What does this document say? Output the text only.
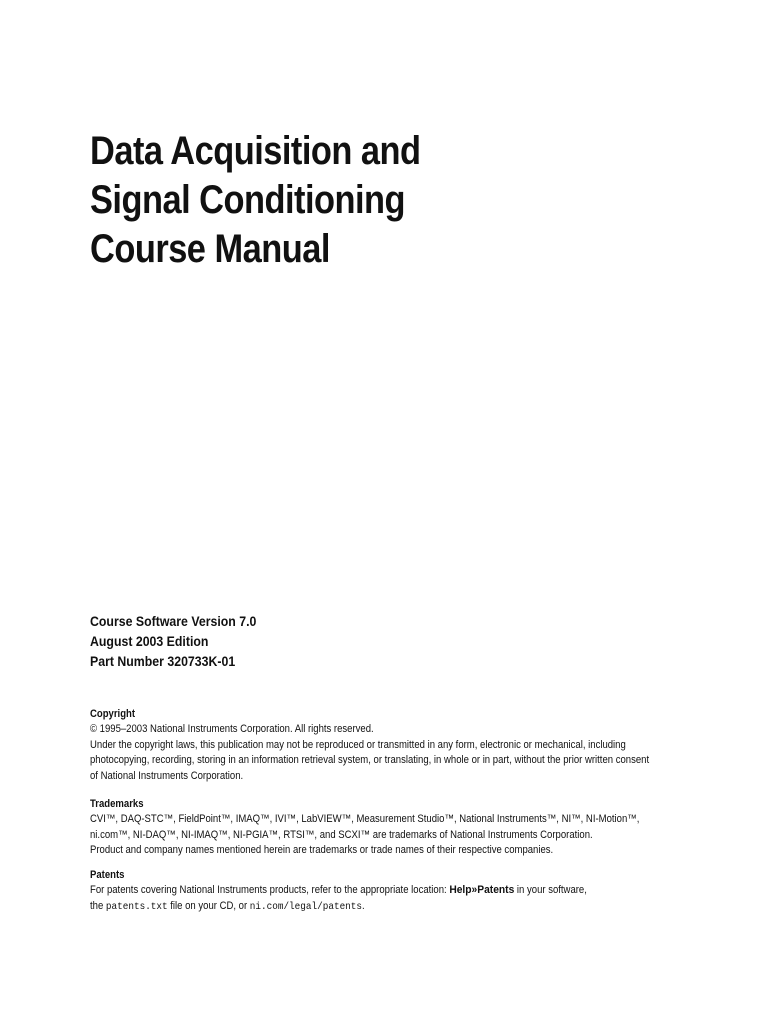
Data Acquisition and
Signal Conditioning
Course Manual
Course Software Version 7.0
August 2003 Edition
Part Number 320733K-01
Copyright
© 1995–2003 National Instruments Corporation. All rights reserved.
Under the copyright laws, this publication may not be reproduced or transmitted in any form, electronic or mechanical, including
photocopying, recording, storing in an information retrieval system, or translating, in whole or in part, without the prior written consent
of National Instruments Corporation.
Trademarks
CVI™, DAQ-STC™, FieldPoint™, IMAQ™, IVI™, LabVIEW™, Measurement Studio™, National Instruments™, NI™, NI-Motion™,
ni.com™, NI-DAQ™, NI-IMAQ™, NI-PGIA™, RTSI™, and SCXI™ are trademarks of National Instruments Corporation.
Product and company names mentioned herein are trademarks or trade names of their respective companies.
Patents
For patents covering National Instruments products, refer to the appropriate location: Help»Patents in your software,
the patents.txt file on your CD, or ni.com/legal/patents.
